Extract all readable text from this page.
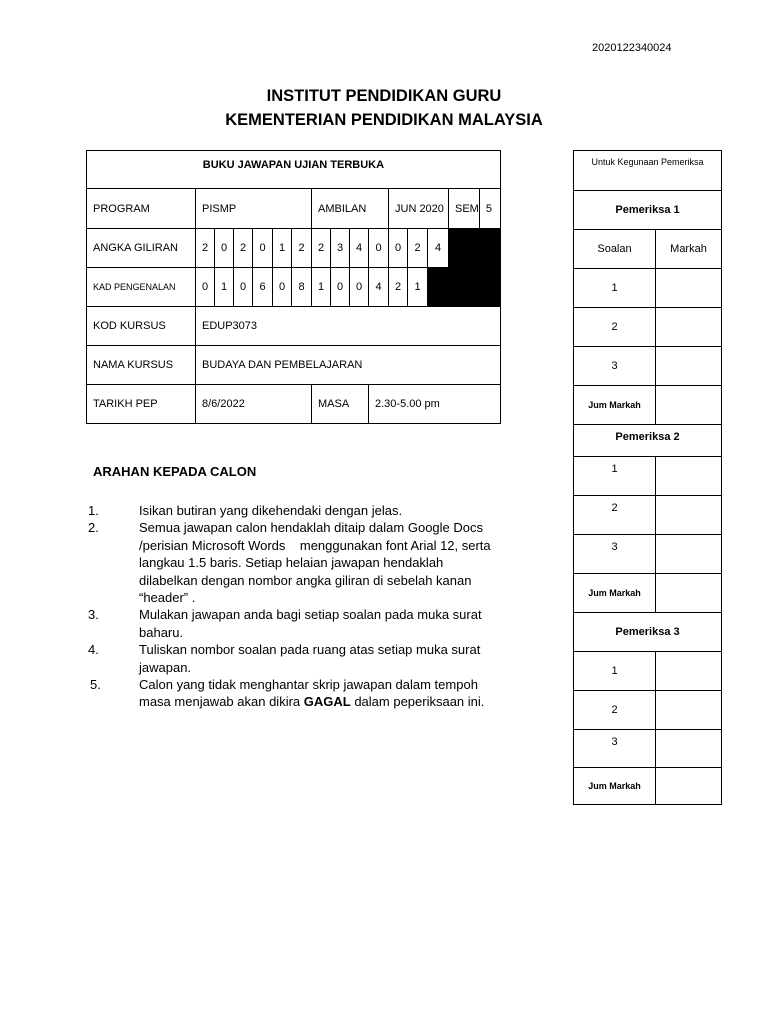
2020122340024
INSTITUT PENDIDIKAN GURU
KEMENTERIAN PENDIDIKAN MALAYSIA
BUKU JAWAPAN UJIAN TERBUKA															
PROGRAM	PISMP						AMBILAN				JUN 2020			SEM	5
ANGKA GILIRAN	2	0	2	0	1	2	2	3	4	0	0	2	4		
KAD PENGENALAN	0	1	0	6	0	8	1	0	0	4	2	1			
KOD KURSUS	EDUP3073														
NAMA KURSUS	BUDAYA DAN PEMBELAJARAN														
TARIKH PEP	8/6/2022						MASA			2.30-5.00 pm					
Untuk Kegunaan Pemeriksa	
Pemeriksa 1	
Soalan	Markah
1	
2	
3	
Jum Markah	
Pemeriksa 2	
1	
2	
3	
Jum Markah	
Pemeriksa 3	
1	
2	
3	
Jum Markah	
ARAHAN KEPADA CALON
1.	Isikan butiran yang dikehendaki dengan jelas.
2.	Semua jawapan calon hendaklah ditaip dalam Google Docs
/perisian Microsoft Words    menggunakan font Arial 12, serta
langkau 1.5 baris. Setiap helaian jawapan hendaklah
dilabelkan dengan nombor angka giliran di sebelah kanan
“header” .
3.	Mulakan jawapan anda bagi setiap soalan pada muka surat
baharu.
4.	Tuliskan nombor soalan pada ruang atas setiap muka surat
jawapan.
5.	Calon yang tidak menghantar skrip jawapan dalam tempoh
masa menjawab akan dikira GAGAL dalam peperiksaan ini.
